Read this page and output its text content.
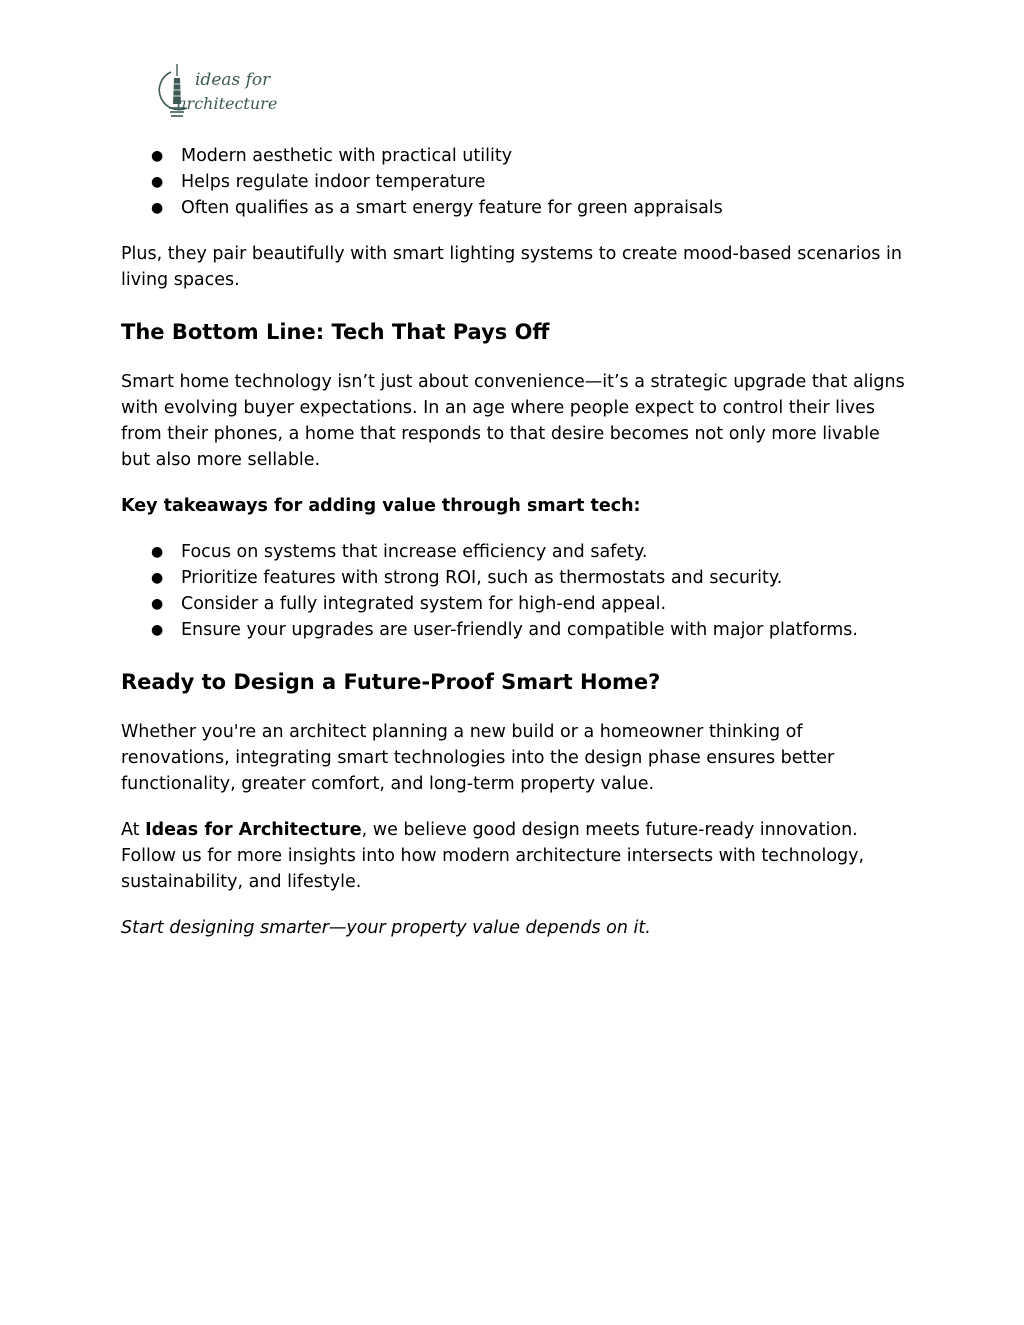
ideas for
architecture
● Modern aesthetic with practical utility
● Helps regulate indoor temperature
● Often qualifies as a smart energy feature for green appraisals

Plus, they pair beautifully with smart lighting systems to create mood-based scenarios in living spaces.

The Bottom Line: Tech That Pays Off

Smart home technology isn’t just about convenience—it’s a strategic upgrade that aligns with evolving buyer expectations. In an age where people expect to control their lives from their phones, a home that responds to that desire becomes not only more livable but also more sellable.

Key takeaways for adding value through smart tech:

● Focus on systems that increase efficiency and safety.
● Prioritize features with strong ROI, such as thermostats and security.
● Consider a fully integrated system for high-end appeal.
● Ensure your upgrades are user-friendly and compatible with major platforms.
Ready to Design a Future-Proof Smart Home?

Whether you're an architect planning a new build or a homeowner thinking of renovations, integrating smart technologies into the design phase ensures better functionality, greater comfort, and long-term property value.

At Ideas for Architecture, we believe good design meets future-ready innovation. Follow us for more insights into how modern architecture intersects with technology, sustainability, and lifestyle.

Start designing smarter—your property value depends on it.
